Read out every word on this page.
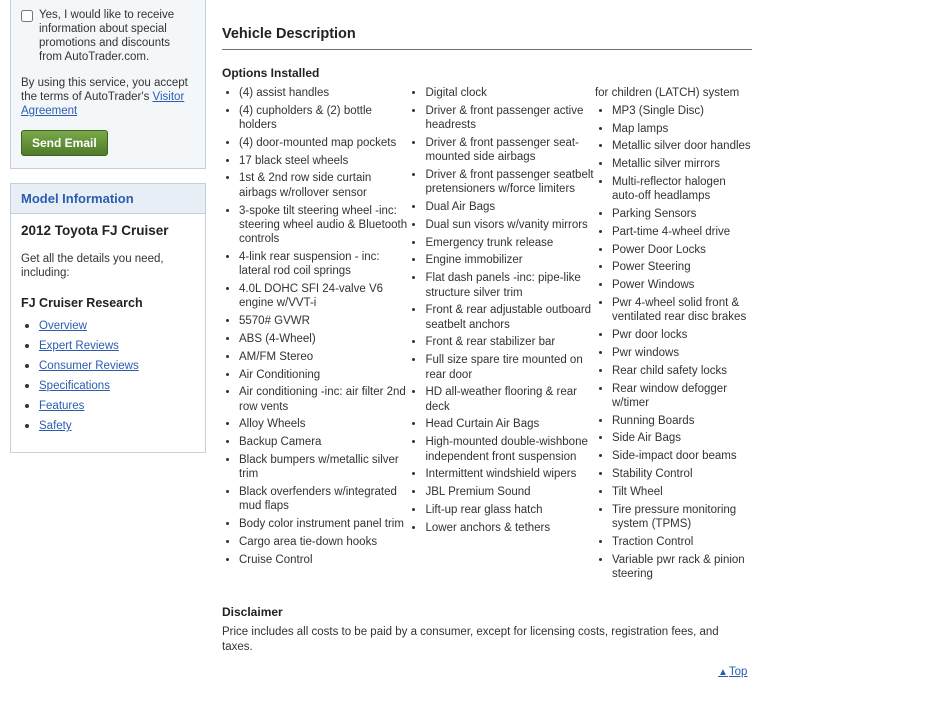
Yes, I would like to receive information about special promotions and discounts from AutoTrader.com.
By using this service, you accept the terms of AutoTrader's Visitor Agreement
Send Email
Model Information
2012 Toyota FJ Cruiser
Get all the details you need, including:
FJ Cruiser Research
• Overview
• Expert Reviews
• Consumer Reviews
• Specifications
• Features
• Safety
Vehicle Description
Options Installed
• (4) assist handles
• (4) cupholders & (2) bottle holders
• (4) door-mounted map pockets
• 17 black steel wheels
• 1st & 2nd row side curtain airbags w/rollover sensor
• 3-spoke tilt steering wheel -inc: steering wheel audio & Bluetooth controls
• 4-link rear suspension - inc: lateral rod coil springs
• 4.0L DOHC SFI 24-valve V6 engine w/VVT-i
• 5570# GVWR
• ABS (4-Wheel)
• AM/FM Stereo
• Air Conditioning
• Air conditioning -inc: air filter 2nd row vents
• Alloy Wheels
• Backup Camera
• Black bumpers w/metallic silver trim
• Black overfenders w/integrated mud flaps
• Body color instrument panel trim
• Cargo area tie-down hooks
• Cruise Control
• Digital clock
• Driver & front passenger active headrests
• Driver & front passenger seat-mounted side airbags
• Driver & front passenger seatbelt pretensioners w/force limiters
• Dual Air Bags
• Dual sun visors w/vanity mirrors
• Emergency trunk release
• Engine immobilizer
• Flat dash panels -inc: pipe-like structure silver trim
• Front & rear adjustable outboard seatbelt anchors
• Front & rear stabilizer bar
• Full size spare tire mounted on rear door
• HD all-weather flooring & rear deck
• Head Curtain Air Bags
• High-mounted double-wishbone independent front suspension
• Intermittent windshield wipers
• JBL Premium Sound
• Lift-up rear glass hatch
• Lower anchors & tethers
for children (LATCH) system
• MP3 (Single Disc)
• Map lamps
• Metallic silver door handles
• Metallic silver mirrors
• Multi-reflector halogen auto-off headlamps
• Parking Sensors
• Part-time 4-wheel drive
• Power Door Locks
• Power Steering
• Power Windows
• Pwr 4-wheel solid front & ventilated rear disc brakes
• Pwr door locks
• Pwr windows
• Rear child safety locks
• Rear window defogger w/timer
• Running Boards
• Side Air Bags
• Side-impact door beams
• Stability Control
• Tilt Wheel
• Tire pressure monitoring system (TPMS)
• Traction Control
• Variable pwr rack & pinion steering
Disclaimer
Price includes all costs to be paid by a consumer, except for licensing costs, registration fees, and taxes.
▲Top
